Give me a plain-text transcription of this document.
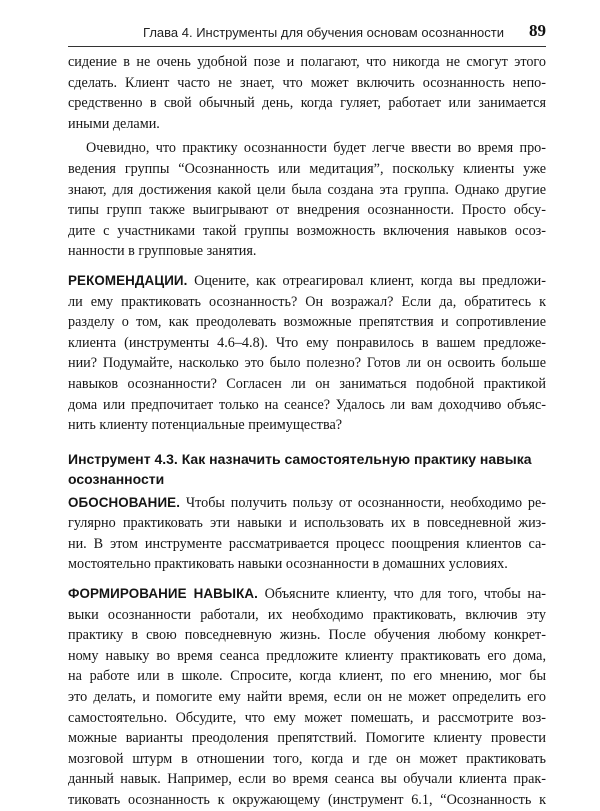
Глава 4. Инструменты для обучения основам осознанности 89
сидение в не очень удобной позе и полагают, что никогда не смогут этого
сделать. Клиент часто не знает, что может включить осознанность непо-
средственно в свой обычный день, когда гуляет, работает или занимается
иными делами.
Очевидно, что практику осознанности будет легче ввести во время про-
ведения группы “Осознанность или медитация”, поскольку клиенты уже
знают, для достижения какой цели была создана эта группа. Однако другие
типы групп также выигрывают от внедрения осознанности. Просто обсу-
дите с участниками такой группы возможность включения навыков осоз-
нанности в групповые занятия.
РЕКОМЕНДАЦИИ. Оцените, как отреагировал клиент, когда вы предложи-
ли ему практиковать осознанность? Он возражал? Если да, обратитесь к
разделу о том, как преодолевать возможные препятствия и сопротивление
клиента (инструменты 4.6–4.8). Что ему понравилось в вашем предложе-
нии? Подумайте, насколько это было полезно? Готов ли он освоить больше
навыков осознанности? Согласен ли он заниматься подобной практикой
дома или предпочитает только на сеансе? Удалось ли вам доходчиво объяс-
нить клиенту потенциальные преимущества?
Инструмент 4.3. Как назначить самостоятельную практику навыка
осознанности
ОБОСНОВАНИЕ. Чтобы получить пользу от осознанности, необходимо ре-
гулярно практиковать эти навыки и использовать их в повседневной жиз-
ни. В этом инструменте рассматривается процесс поощрения клиентов са-
мостоятельно практиковать навыки осознанности в домашних условиях.
ФОРМИРОВАНИЕ НАВЫКА. Объясните клиенту, что для того, чтобы на-
выки осознанности работали, их необходимо практиковать, включив эту
практику в свою повседневную жизнь. После обучения любому конкрет-
ному навыку во время сеанса предложите клиенту практиковать его дома,
на работе или в школе. Спросите, когда клиент, по его мнению, мог бы
это делать, и помогите ему найти время, если он не может определить его
самостоятельно. Обсудите, что ему может помешать, и рассмотрите воз-
можные варианты преодоления препятствий. Помогите клиенту провести
мозговой штурм в отношении того, когда и где он может практиковать
данный навык. Например, если во время сеанса вы обучали клиента прак-
тиковать осознанность к окружающему (инструмент 6.1, “Осознанность к
